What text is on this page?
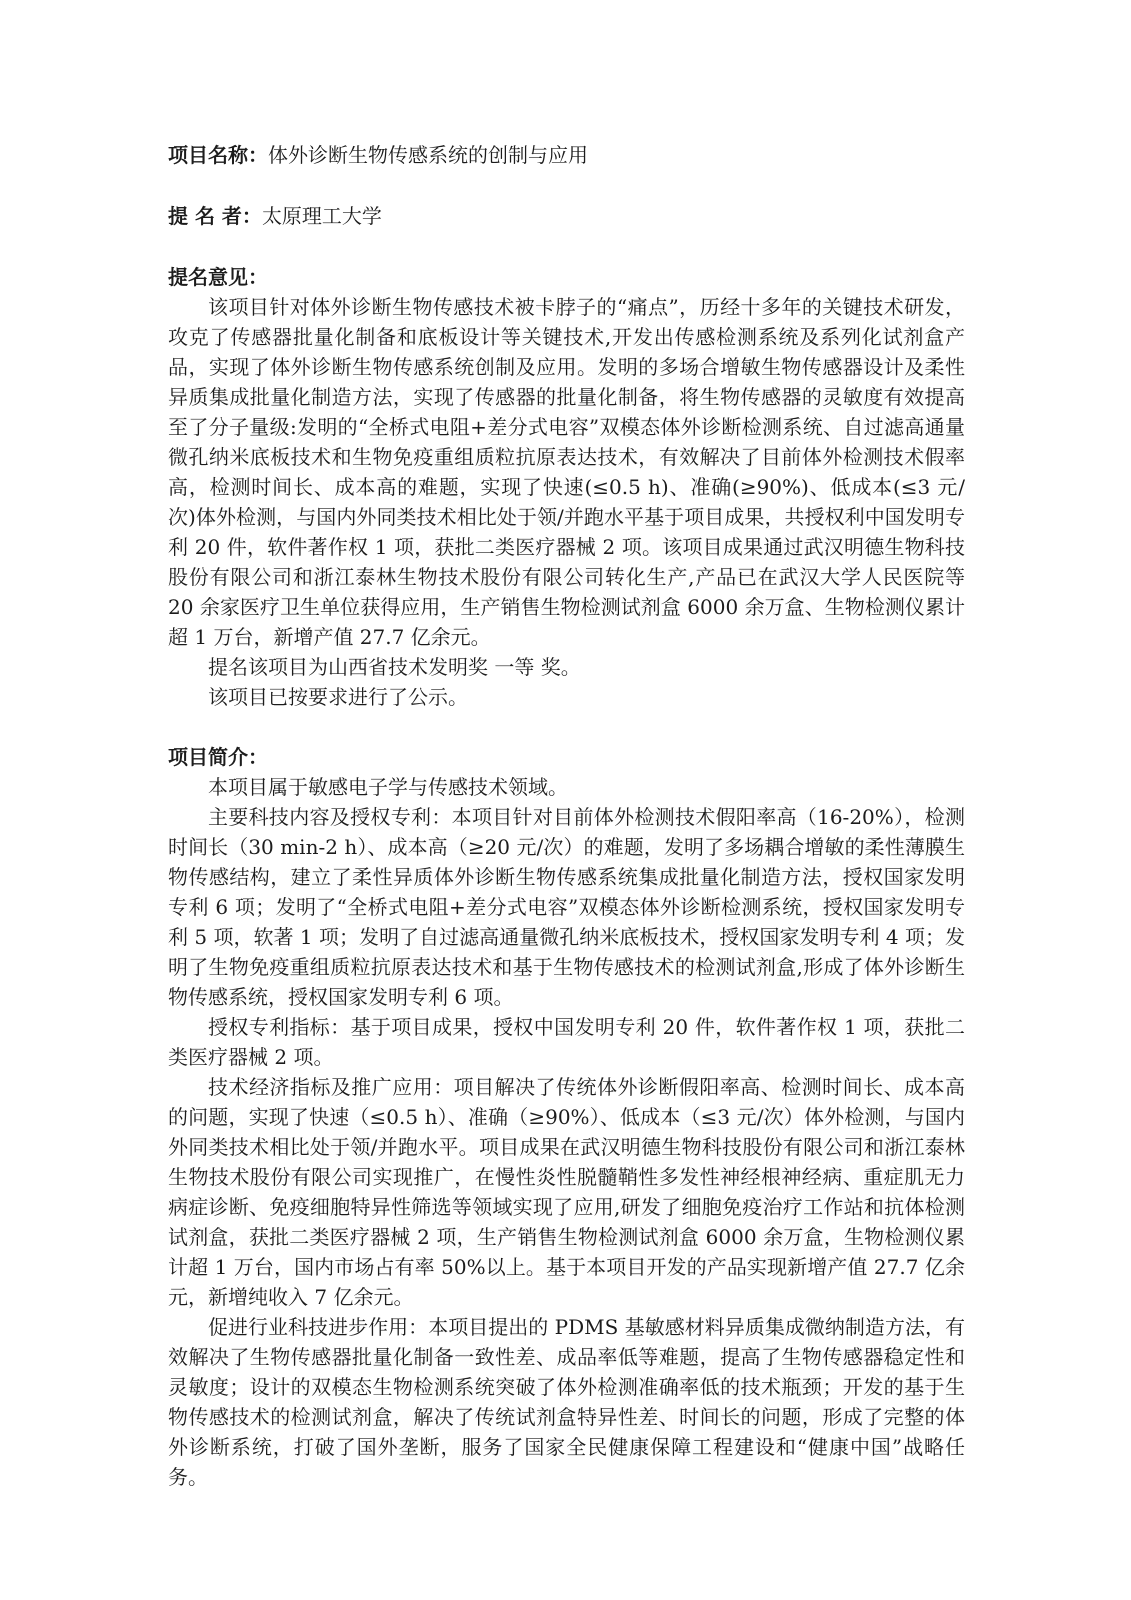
项目名称：体外诊断生物传感系统的创制与应用

提 名 者：太原理工大学

提名意见：

该项目针对体外诊断生物传感技术被卡脖子的“痛点”，历经十多年的关键技术研发，攻克了传感器批量化制备和底板设计等关键技术,开发出传感检测系统及系列化试剂盒产品，实现了体外诊断生物传感系统创制及应用。发明的多场合增敏生物传感器设计及柔性异质集成批量化制造方法，实现了传感器的批量化制备，将生物传感器的灵敏度有效提高至了分子量级:发明的“全桥式电阻+差分式电容”双模态体外诊断检测系统、自过滤高通量微孔纳米底板技术和生物免疫重组质粒抗原表达技术，有效解决了目前体外检测技术假率高，检测时间长、成本高的难题，实现了快速(≤0.5 h)、准确(≥90%)、低成本(≤3 元/次)体外检测，与国内外同类技术相比处于领/并跑水平基于项目成果，共授权利中国发明专利 20 件，软件著作权 1 项，获批二类医疗器械 2 项。该项目成果通过武汉明德生物科技股份有限公司和浙江泰林生物技术股份有限公司转化生产,产品已在武汉大学人民医院等 20 余家医疗卫生单位获得应用，生产销售生物检测试剂盒 6000 余万盒、生物检测仪累计超 1 万台，新增产值 27.7 亿余元。

提名该项目为山西省技术发明奖 一等 奖。

该项目已按要求进行了公示。

项目简介：

本项目属于敏感电子学与传感技术领域。

主要科技内容及授权专利：本项目针对目前体外检测技术假阳率高（16-20%），检测时间长（30 min-2 h）、成本高（≥20 元/次）的难题，发明了多场耦合增敏的柔性薄膜生物传感结构，建立了柔性异质体外诊断生物传感系统集成批量化制造方法，授权国家发明专利 6 项；发明了“全桥式电阻+差分式电容”双模态体外诊断检测系统，授权国家发明专利 5 项，软著 1 项；发明了自过滤高通量微孔纳米底板技术，授权国家发明专利 4 项；发明了生物免疫重组质粒抗原表达技术和基于生物传感技术的检测试剂盒,形成了体外诊断生物传感系统，授权国家发明专利 6 项。

授权专利指标：基于项目成果，授权中国发明专利 20 件，软件著作权 1 项，获批二类医疗器械 2 项。

技术经济指标及推广应用：项目解决了传统体外诊断假阳率高、检测时间长、成本高的问题，实现了快速（≤0.5 h）、准确（≥90%）、低成本（≤3 元/次）体外检测，与国内外同类技术相比处于领/并跑水平。项目成果在武汉明德生物科技股份有限公司和浙江泰林生物技术股份有限公司实现推广，在慢性炎性脱髓鞘性多发性神经根神经病、重症肌无力病症诊断、免疫细胞特异性筛选等领域实现了应用,研发了细胞免疫治疗工作站和抗体检测试剂盒，获批二类医疗器械 2 项，生产销售生物检测试剂盒 6000 余万盒，生物检测仪累计超 1 万台，国内市场占有率 50%以上。基于本项目开发的产品实现新增产值 27.7 亿余元，新增纯收入 7 亿余元。

促进行业科技进步作用：本项目提出的 PDMS 基敏感材料异质集成微纳制造方法，有效解决了生物传感器批量化制备一致性差、成品率低等难题，提高了生物传感器稳定性和灵敏度；设计的双模态生物检测系统突破了体外检测准确率低的技术瓶颈；开发的基于生物传感技术的检测试剂盒，解决了传统试剂盒特异性差、时间长的问题，形成了完整的体外诊断系统，打破了国外垄断，服务了国家全民健康保障工程建设和“健康中国”战略任务。
